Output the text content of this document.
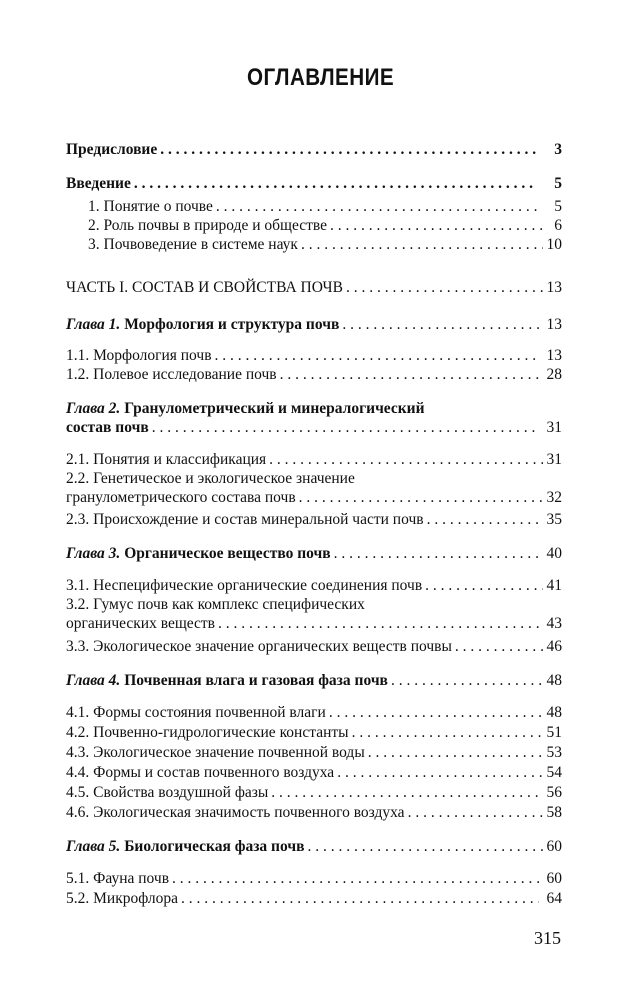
ОГЛАВЛЕНИЕ
Предисловие . . .	3
Введение . . .	5
1. Понятие о почве . . .	5
2. Роль почвы в природе и обществе . . .	6
3. Почвоведение в системе наук . . .	10
ЧАСТЬ I. СОСТАВ И СВОЙСТВА ПОЧВ . . .	13
Глава 1. Морфология и структура почв . . .	13
1.1. Морфология почв . . .	13
1.2. Полевое исследование почв . . .	28
Глава 2. Гранулометрический и минералогический
состав почв . . .	31
2.1. Понятия и классификация . . .	31
2.2. Генетическое и экологическое значение
гранулометрического состава почв . . .	32
2.3. Происхождение и состав минеральной части почв . . .	35
Глава 3. Органическое вещество почв . . .	40
3.1. Неспецифические органические соединения почв . . .	41
3.2. Гумус почв как комплекс специфических
органических веществ . . .	43
3.3. Экологическое значение органических веществ почвы . . .	46
Глава 4. Почвенная влага и газовая фаза почв . . .	48
4.1. Формы состояния почвенной влаги . . .	48
4.2. Почвенно-гидрологические константы . . .	51
4.3. Экологическое значение почвенной воды . . .	53
4.4. Формы и состав почвенного воздуха . . .	54
4.5. Свойства воздушной фазы . . .	56
4.6. Экологическая значимость почвенного воздуха . . .	58
Глава 5. Биологическая фаза почв . . .	60
5.1. Фауна почв . . .	60
5.2. Микрофлора . . .	64
315
